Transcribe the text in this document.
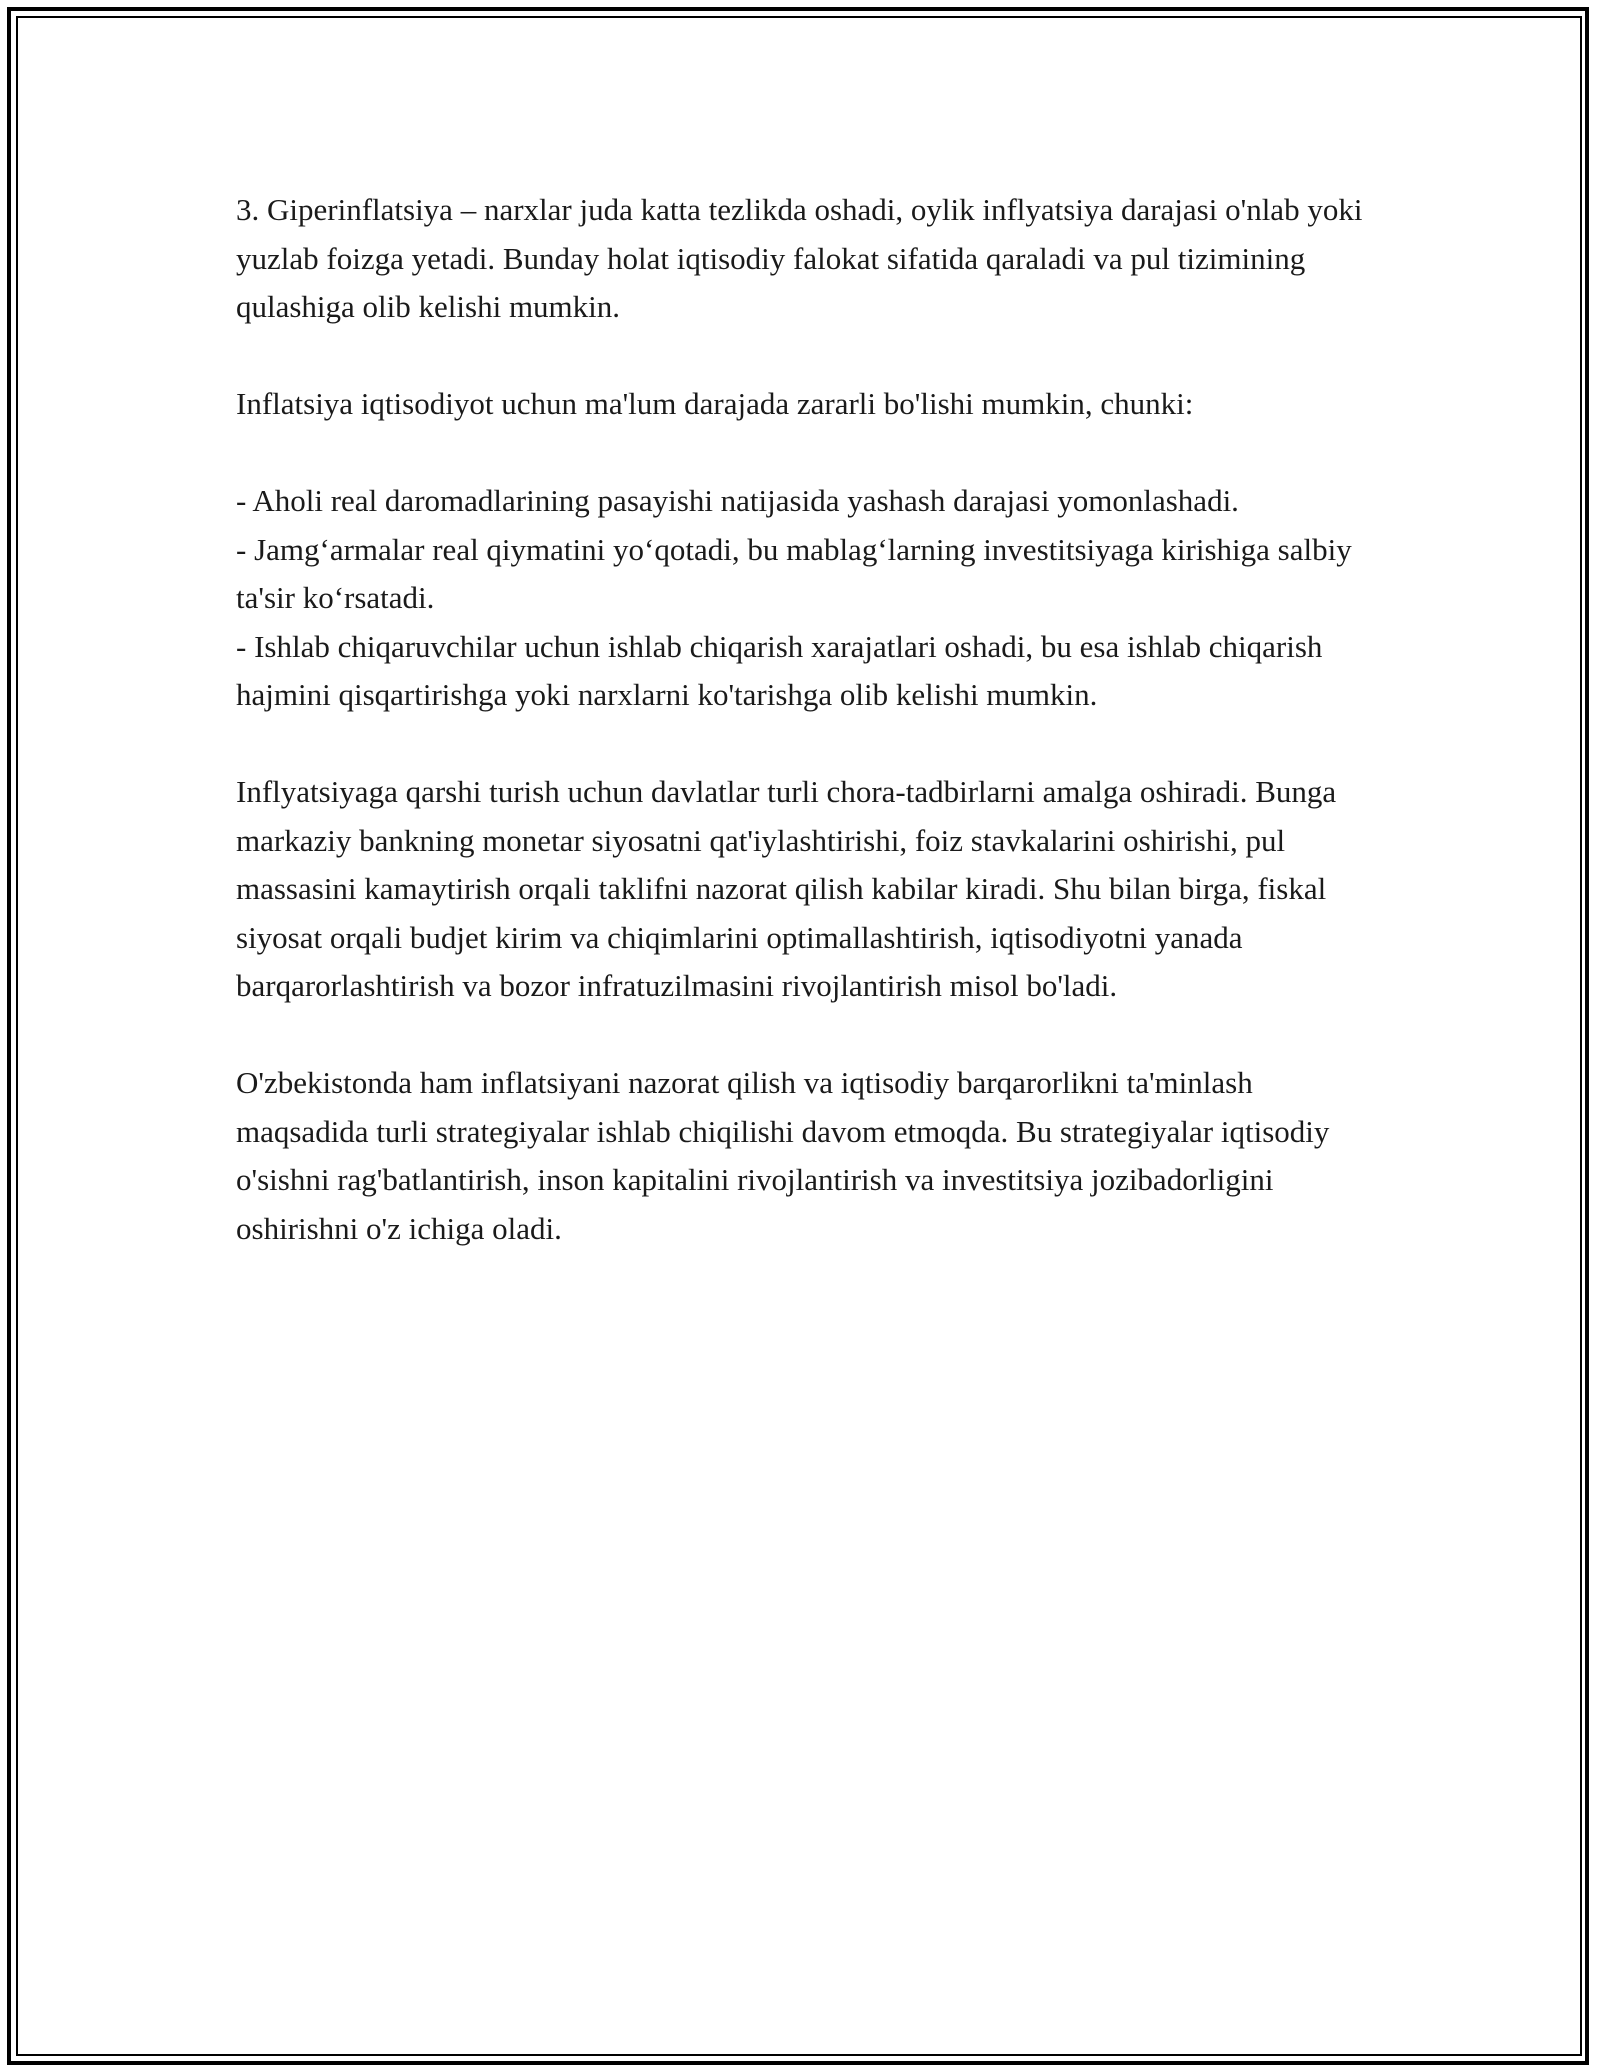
3. Giperinflatsiya – narxlar juda katta tezlikda oshadi, oylik inflyatsiya darajasi o'nlab yoki yuzlab foizga yetadi. Bunday holat iqtisodiy falokat sifatida qaraladi va pul tizimining qulashiga olib kelishi mumkin.

Inflatsiya iqtisodiyot uchun ma'lum darajada zararli bo'lishi mumkin, chunki:

- Aholi real daromadlarining pasayishi natijasida yashash darajasi yomonlashadi.

- Jamg‘armalar real qiymatini yo‘qotadi, bu mablag‘larning investitsiyaga kirishiga salbiy ta'sir ko‘rsatadi.

- Ishlab chiqaruvchilar uchun ishlab chiqarish xarajatlari oshadi, bu esa ishlab chiqarish hajmini qisqartirishga yoki narxlarni ko'tarishga olib kelishi mumkin.

Inflyatsiyaga qarshi turish uchun davlatlar turli chora-tadbirlarni amalga oshiradi. Bunga markaziy bankning monetar siyosatni qat'iylashtirishi, foiz stavkalarini oshirishi, pul massasini kamaytirish orqali taklifni nazorat qilish kabilar kiradi. Shu bilan birga, fiskal siyosat orqali budjet kirim va chiqimlarini optimallashtirish, iqtisodiyotni yanada barqarorlashtirish va bozor infratuzilmasini rivojlantirish misol bo'ladi.

O'zbekistonda ham inflatsiyani nazorat qilish va iqtisodiy barqarorlikni ta'minlash maqsadida turli strategiyalar ishlab chiqilishi davom etmoqda. Bu strategiyalar iqtisodiy o'sishni rag'batlantirish, inson kapitalini rivojlantirish va investitsiya jozibadorligini oshirishni o'z ichiga oladi.
